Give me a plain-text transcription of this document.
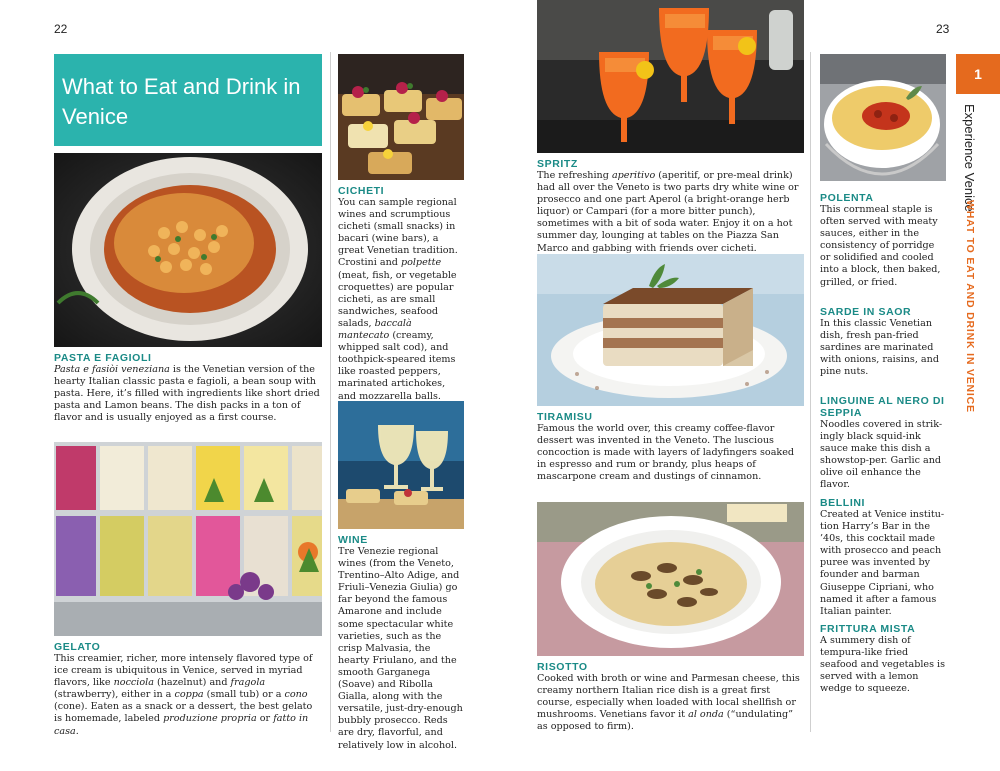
22	23
What to Eat and Drink in Venice
PASTA E FAGIOLI
Pasta e fasiòi veneziana is the Venetian version of the hearty Italian classic pasta e fagioli, a bean soup with pasta. Here, it’s filled with ingredients like short dried pasta and Lamon beans. The dish packs in a ton of flavor and is usually enjoyed as a first course.
GELATO
This creamier, richer, more intensely flavored type of ice cream is ubiquitous in Venice, served in myriad flavors, like nocciola (hazelnut) and fragola (strawberry), either in a coppa (small tub) or a cono (cone). Eaten as a snack or a dessert, the best gelato is homemade, labeled produzione propria or fatto in casa.
CICHETI
You can sample regional wines and scrumptious cicheti (small snacks) in bacari (wine bars), a great Venetian tradition. Crostini and polpette (meat, fish, or vegetable croquettes) are popular cicheti, as are small sandwiches, seafood salads, baccalà mantecato (creamy, whipped salt cod), and toothpick-speared items like roasted peppers, marinated artichokes, and mozzarella balls.
WINE
Tre Venezie regional wines (from the Veneto, Trentino–Alto Adige, and Friuli–Venezia Giulia) go far beyond the famous Amarone and include some spectacular white varieties, such as the crisp Malvasia, the hearty Friulano, and the smooth Garganega (Soave) and Ribolla Gialla, along with the versatile, just-dry-enough bubbly prosecco. Reds are dry, flavorful, and relatively low in alcohol.
SPRITZ
The refreshing aperitivo (aperitif, or pre-meal drink) had all over the Veneto is two parts dry white wine or prosecco and one part Aperol (a bright-orange herb liquor) or Campari (for a more bitter punch), sometimes with a bit of soda water. Enjoy it on a hot summer day, lounging at tables on the Piazza San Marco and gabbing with friends over cicheti.
TIRAMISU
Famous the world over, this creamy coffee-flavor dessert was invented in the Veneto. The luscious concoction is made with layers of ladyfingers soaked in espresso and rum or brandy, plus heaps of mascarpone cream and dustings of cinnamon.
RISOTTO
Cooked with broth or wine and Parmesan cheese, this creamy northern Italian rice dish is a great first course, especially when loaded with local shellfish or mushrooms. Venetians favor it al onda (“undulating” as opposed to firm).
POLENTA
This cornmeal staple is often served with meaty sauces, either in the consistency of porridge or solidified and cooled into a block, then baked, grilled, or fried.
SARDE IN SAOR
In this classic Venetian dish, fresh pan-fried sardines are marinated with onions, raisins, and pine nuts.
LINGUINE AL NERO DI SEPPIA
Noodles covered in strik-ingly black squid-ink sauce make this dish a showstop-per. Garlic and olive oil enhance the flavor.
BELLINI
Created at Venice institu-tion Harry’s Bar in the ’40s, this cocktail made with prosecco and peach puree was invented by founder and barman Giuseppe Cipriani, who named it after a famous Italian painter.
FRITTURA MISTA
A summery dish of tempura-like fried seafood and vegetables is served with a lemon wedge to squeeze.
1
Experience Venice
WHAT TO EAT AND DRINK IN VENICE
